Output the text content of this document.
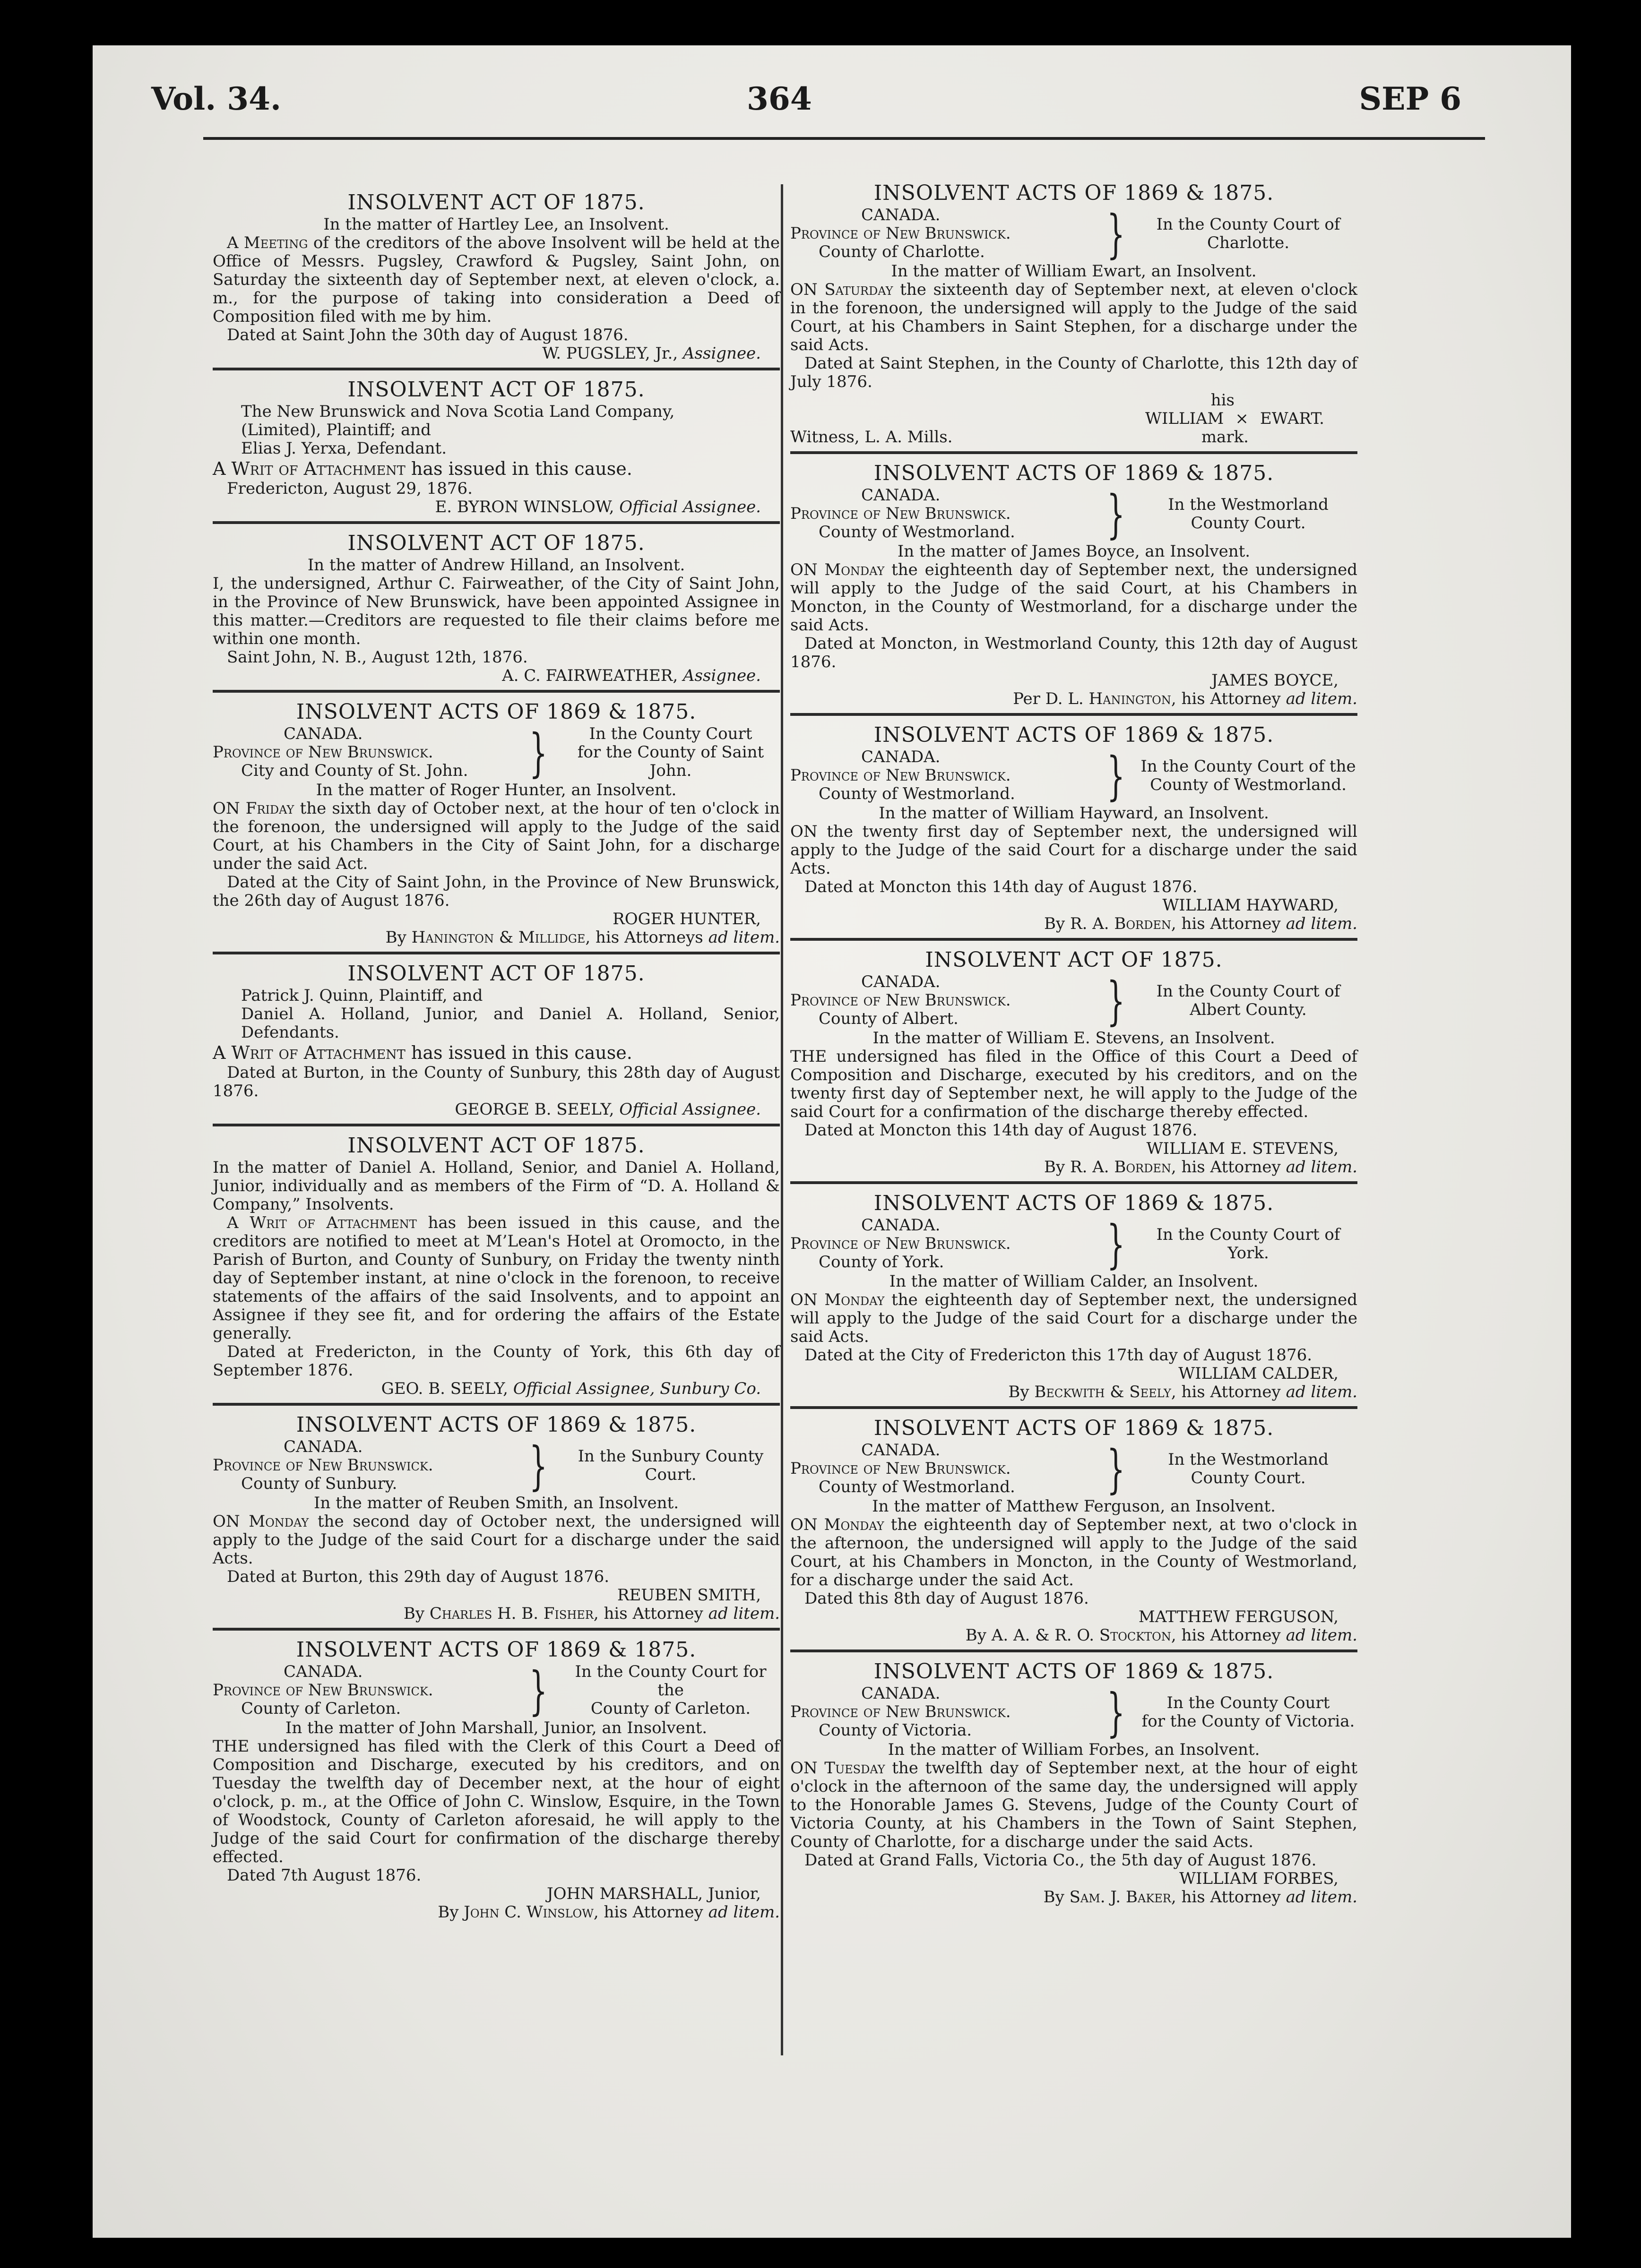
Vol. 34.	364	SEP 6
INSOLVENT ACT OF 1875.

In the matter of Hartley Lee, an Insolvent.

A Meeting of the creditors of the above Insolvent will be held at the Office of Messrs. Pugsley, Crawford & Pugsley, Saint John, on Saturday the sixteenth day of September next, at eleven o'clock, a. m., for the purpose of taking into consideration a Deed of Composition filed with me by him.

Dated at Saint John the 30th day of August 1876.

W. PUGSLEY, Jr., Assignee.

INSOLVENT ACT OF 1875.

The New Brunswick and Nova Scotia Land Company,

(Limited), Plaintiff; and

Elias J. Yerxa, Defendant.

A Writ of Attachment has issued in this cause.

Fredericton, August 29, 1876.

E. BYRON WINSLOW, Official Assignee.

INSOLVENT ACT OF 1875.

In the matter of Andrew Hilland, an Insolvent.

I, the undersigned, Arthur C. Fairweather, of the City of Saint John, in the Province of New Brunswick, have been appointed Assignee in this matter.—Creditors are requested to file their claims before me within one month.

Saint John, N. B., August 12th, 1876.

A. C. FAIRWEATHER, Assignee.

INSOLVENT ACTS OF 1869 & 1875.
CANADA.
Province of New Brunswick.
City and County of St. John.	}	In the County Court
for the County of Saint John.

In the matter of Roger Hunter, an Insolvent.

ON Friday the sixth day of October next, at the hour of ten o'clock in the forenoon, the undersigned will apply to the Judge of the said Court, at his Chambers in the City of Saint John, for a discharge under the said Act.

Dated at the City of Saint John, in the Province of New Brunswick, the 26th day of August 1876.

ROGER HUNTER,

By Hanington & Millidge, his Attorneys ad litem.

INSOLVENT ACT OF 1875.

Patrick J. Quinn, Plaintiff, and

Daniel A. Holland, Junior, and Daniel A. Holland, Senior, Defendants.

A Writ of Attachment has issued in this cause.

Dated at Burton, in the County of Sunbury, this 28th day of August 1876.

GEORGE B. SEELY, Official Assignee.

INSOLVENT ACT OF 1875.

In the matter of Daniel A. Holland, Senior, and Daniel A. Holland, Junior, individually and as members of the Firm of “D. A. Holland & Company,” Insolvents.

A Writ of Attachment has been issued in this cause, and the creditors are notified to meet at M’Lean's Hotel at Oromocto, in the Parish of Burton, and County of Sunbury, on Friday the twenty ninth day of September instant, at nine o'clock in the forenoon, to receive statements of the affairs of the said Insolvents, and to appoint an Assignee if they see fit, and for ordering the affairs of the Estate generally.

Dated at Fredericton, in the County of York, this 6th day of September 1876.

GEO. B. SEELY, Official Assignee, Sunbury Co.

INSOLVENT ACTS OF 1869 & 1875.
CANADA.
Province of New Brunswick.
County of Sunbury.	}	In the Sunbury County Court.

In the matter of Reuben Smith, an Insolvent.

ON Monday the second day of October next, the undersigned will apply to the Judge of the said Court for a discharge under the said Acts.

Dated at Burton, this 29th day of August 1876.

REUBEN SMITH,

By Charles H. B. Fisher, his Attorney ad litem.

INSOLVENT ACTS OF 1869 & 1875.
CANADA.
Province of New Brunswick.
County of Carleton.	}	In the County Court for the
County of Carleton.

In the matter of John Marshall, Junior, an Insolvent.

THE undersigned has filed with the Clerk of this Court a Deed of Composition and Discharge, executed by his creditors, and on Tuesday the twelfth day of December next, at the hour of eight o'clock, p. m., at the Office of John C. Winslow, Esquire, in the Town of Woodstock, County of Carleton aforesaid, he will apply to the Judge of the said Court for confirmation of the discharge thereby effected.

Dated 7th August 1876.

JOHN MARSHALL, Junior,

By John C. Winslow, his Attorney ad litem.

INSOLVENT ACTS OF 1869 & 1875.
CANADA.
Province of New Brunswick.
County of Charlotte.	}	In the County Court of
Charlotte.

In the matter of William Ewart, an Insolvent.

ON Saturday the sixteenth day of September next, at eleven o'clock in the forenoon, the undersigned will apply to the Judge of the said Court, at his Chambers in Saint Stephen, for a discharge under the said Acts.

Dated at Saint Stephen, in the County of Charlotte, this 12th day of July 1876.

his

WILLIAM × EWART.
Witness, L. A. Mills.	mark.
INSOLVENT ACTS OF 1869 & 1875.
CANADA.
Province of New Brunswick.
County of Westmorland.	}	In the Westmorland
County Court.

In the matter of James Boyce, an Insolvent.

ON Monday the eighteenth day of September next, the undersigned will apply to the Judge of the said Court, at his Chambers in Moncton, in the County of Westmorland, for a discharge under the said Acts.

Dated at Moncton, in Westmorland County, this 12th day of August 1876.

JAMES BOYCE,

Per D. L. Hanington, his Attorney ad litem.

INSOLVENT ACTS OF 1869 & 1875.
CANADA.
Province of New Brunswick.
County of Westmorland.	} In the County Court of the
County of Westmorland.

In the matter of William Hayward, an Insolvent.

ON the twenty first day of September next, the undersigned will apply to the Judge of the said Court for a discharge under the said Acts.

Dated at Moncton this 14th day of August 1876.

WILLIAM HAYWARD,

By R. A. Borden, his Attorney ad litem.

INSOLVENT ACT OF 1875.
CANADA.
Province of New Brunswick.
County of Albert.	}	In the County Court of
Albert County.

In the matter of William E. Stevens, an Insolvent.

THE undersigned has filed in the Office of this Court a Deed of Composition and Discharge, executed by his creditors, and on the twenty first day of September next, he will apply to the Judge of the said Court for a confirmation of the discharge thereby effected.

Dated at Moncton this 14th day of August 1876.

WILLIAM E. STEVENS,

By R. A. Borden, his Attorney ad litem.

INSOLVENT ACTS OF 1869 & 1875.
CANADA.
Province of New Brunswick.
County of York.	}	In the County Court of
York.

In the matter of William Calder, an Insolvent.

ON Monday the eighteenth day of September next, the undersigned will apply to the Judge of the said Court for a discharge under the said Acts.

Dated at the City of Fredericton this 17th day of August 1876.

WILLIAM CALDER,

By Beckwith & Seely, his Attorney ad litem.

INSOLVENT ACTS OF 1869 & 1875.
CANADA.
Province of New Brunswick.
County of Westmorland.	}	In the Westmorland
County Court.

In the matter of Matthew Ferguson, an Insolvent.

ON Monday the eighteenth day of September next, at two o'clock in the afternoon, the undersigned will apply to the Judge of the said Court, at his Chambers in Moncton, in the County of Westmorland, for a discharge under the said Act.

Dated this 8th day of August 1876.

MATTHEW FERGUSON,

By A. A. & R. O. Stockton, his Attorney ad litem.

INSOLVENT ACTS OF 1869 & 1875.
CANADA.
Province of New Brunswick.
County of Victoria.	}	In the County Court
for the County of Victoria.

In the matter of William Forbes, an Insolvent.

ON Tuesday the twelfth day of September next, at the hour of eight o'clock in the afternoon of the same day, the undersigned will apply to the Honorable James G. Stevens, Judge of the County Court of Victoria County, at his Chambers in the Town of Saint Stephen, County of Charlotte, for a discharge under the said Acts.

Dated at Grand Falls, Victoria Co., the 5th day of August 1876.

WILLIAM FORBES,

By Sam. J. Baker, his Attorney ad litem.
